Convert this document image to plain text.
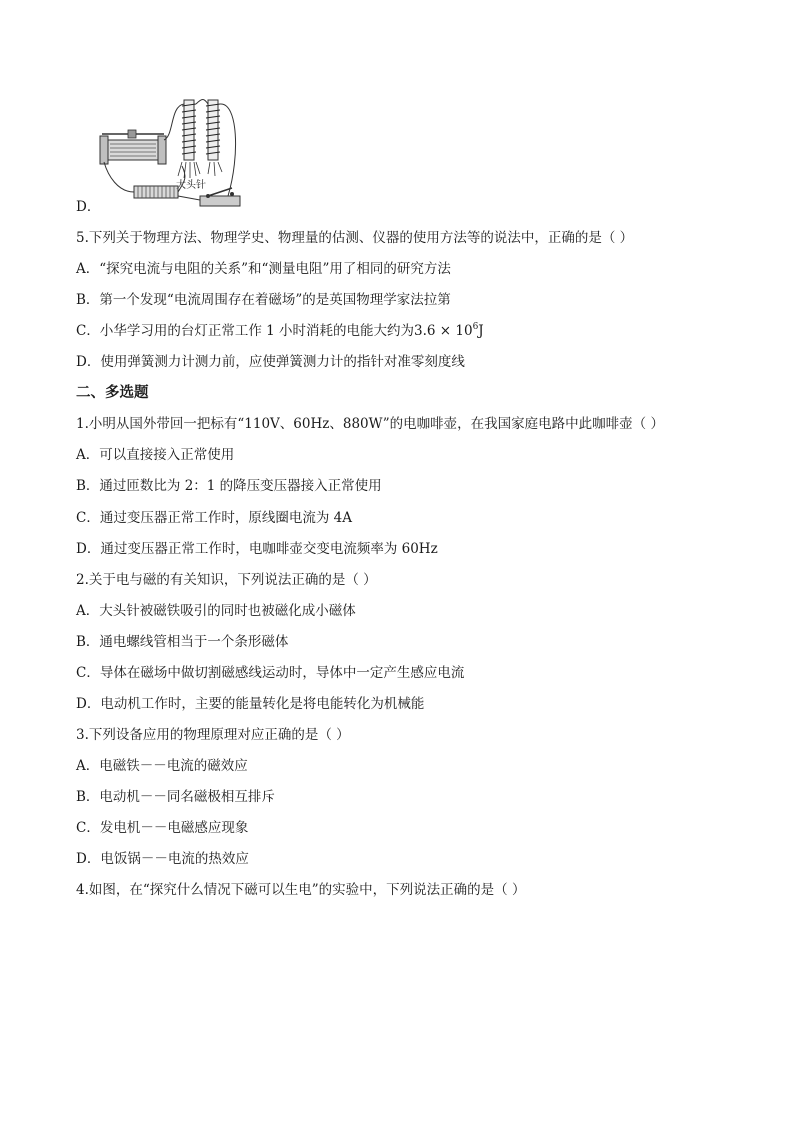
大头针
D．
5.下列关于物理方法、物理学史、物理量的估测、仪器的使用方法等的说法中，正确的是（ ）
A．“探究电流与电阻的关系”和“测量电阻”用了相同的研究方法
B．第一个发现“电流周围存在着磁场”的是英国物理学家法拉第
C．小华学习用的台灯正常工作 1 小时消耗的电能大约为$3.6 \times 10^6J$
D．使用弹簧测力计测力前，应使弹簧测力计的指针对准零刻度线
二、多选题
1.小明从国外带回一把标有“110V、60Hz、880W”的电咖啡壶，在我国家庭电路中此咖啡壶（ ）
A．可以直接接入正常使用
B．通过匝数比为 2：1 的降压变压器接入正常使用
C．通过变压器正常工作时，原线圈电流为 4A
D．通过变压器正常工作时，电咖啡壶交变电流频率为 60Hz
2.关于电与磁的有关知识，下列说法正确的是（ ）
A．大头针被磁铁吸引的同时也被磁化成小磁体
B．通电螺线管相当于一个条形磁体
C．导体在磁场中做切割磁感线运动时，导体中一定产生感应电流
D．电动机工作时，主要的能量转化是将电能转化为机械能
3.下列设备应用的物理原理对应正确的是（ ）
A．电磁铁－－电流的磁效应
B．电动机－－同名磁极相互排斥
C．发电机－－电磁感应现象
D．电饭锅－－电流的热效应
4.如图，在“探究什么情况下磁可以生电”的实验中，下列说法正确的是（ ）
